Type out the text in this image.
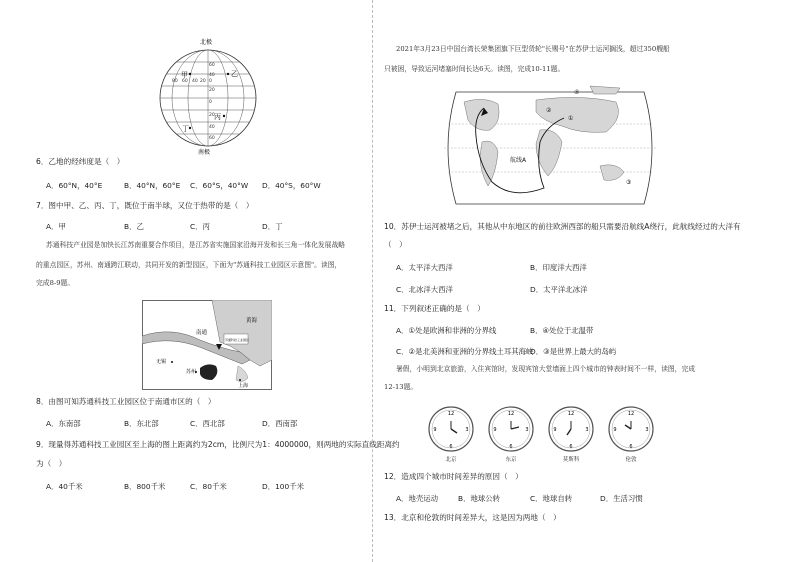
北极
80 60 40 20 0
60
40
20
0
20
40
60
甲	乙
丙
丁
南极
6．乙地的经纬度是（　）
A．60°N，40°E	B．40°N，60°E C．60°S，40°W D．40°S，60°W
7．图中甲、乙、丙、丁，既位于南半球，又位于热带的是（　）
A．甲	B．乙	C．丙	D．丁
苏通科技产业园是加快长江苏南重要合作项目，是江苏省实施国家沿海开发和长三角一体化发展战略
的重点园区，苏州、南通跨江联动，共同开发的新型园区，下面为"苏通科技工业园区示意图"。读图，
完成8-9题。
南通
黄海
苏通科技工业园区
无锡
苏州
上海
8．由图可知苏通科技工业园区位于南通市区的（　）
A．东南部	B．东北部	C．西北部	D．西南部
9．现量得苏通科技工业园区至上海的图上距离约为2cm，比例尺为1：4000000，则两地的实际直线距离约
为（　）
A．40千米	B．800千米	C．80千米	D．100千米
2021年3月23日中国台湾长荣集团旗下巨型货轮"长赐号"在苏伊士运河搁浅，超过350艘船
只被困，导致运河堵塞时间长达6天。读图，完成10-11题。
①
②
③
④
航线A
10．苏伊士运河被堵之后，其他从中东地区的前往欧洲西部的船只需要沿航线A绕行，此航线经过的大洋有
（　）
A．太平洋大西洋	B．印度洋大西洋
C．北冰洋大西洋	D．太平洋北冰洋
11．下列叙述正确的是（　）
A．①处是欧洲和非洲的分界线	B．④处位于北温带
C．②是北美洲和亚洲的分界线土耳其海峡
D．③是世界上最大的岛屿
暑假，小明到北京旅游，入住宾馆时，发现宾馆大堂墙面上四个城市的钟表时间不一样，读图，完成
12-13题。
12
3
6
9
12
3
6
9
12
3
6
9
12
3
6
9
北京	东京	莫斯科	伦敦
12．造成四个城市时间差异的原因（　）
A．地壳运动	B．地球公转	C．地球自转	D．生活习惯
13．北京和伦敦的时间差异大，这是因为两地（　）
